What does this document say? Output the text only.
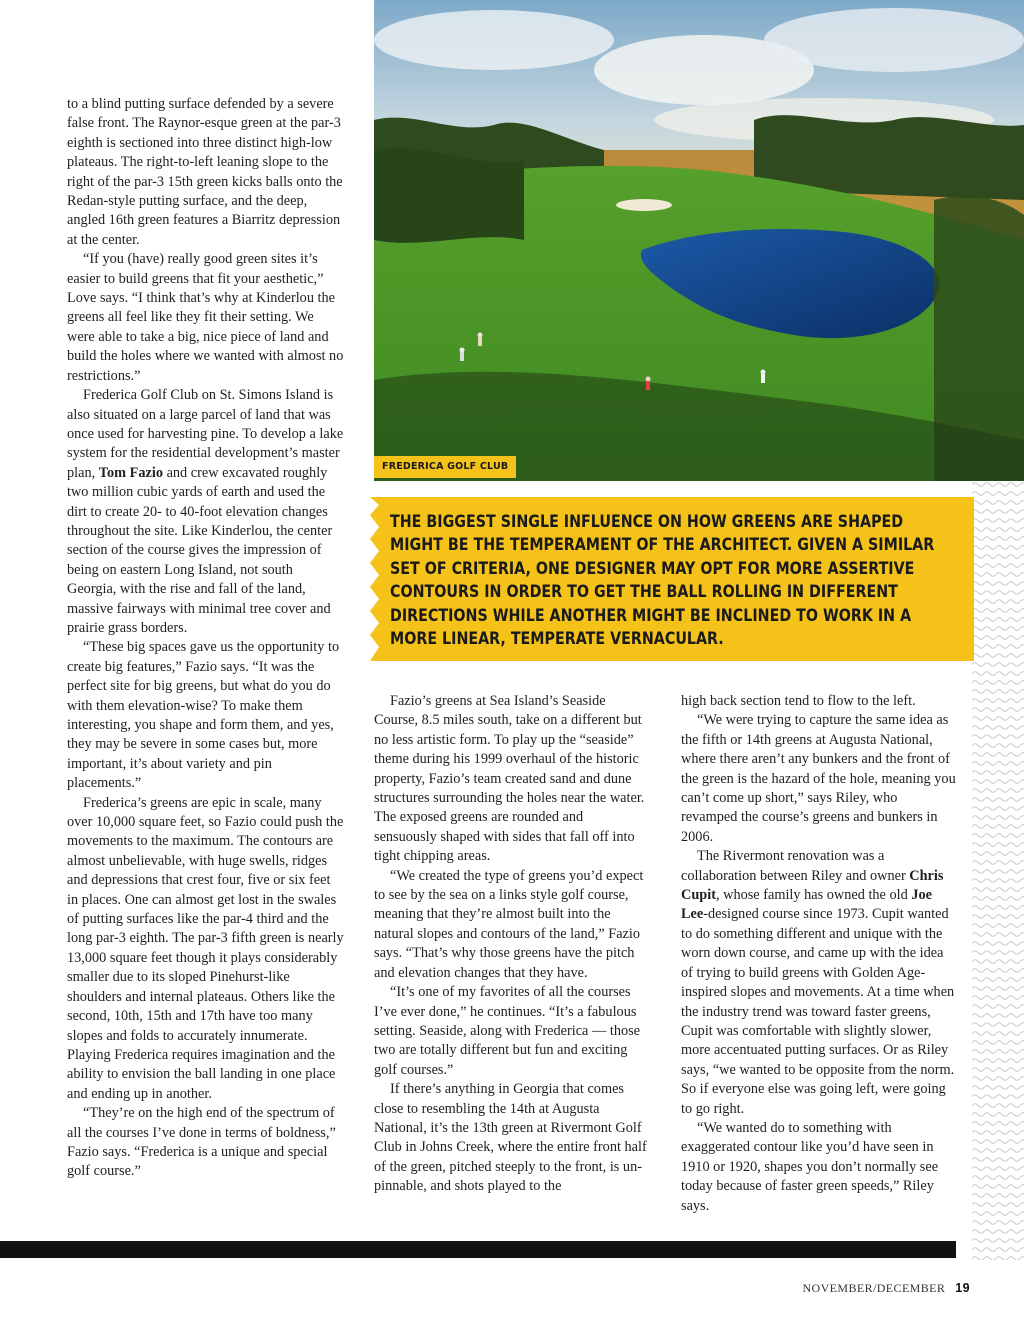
to a blind putting surface defended by a severe false front. The Raynor-esque green at the par-3 eighth is sectioned into three distinct high-low plateaus. The right-to-left leaning slope to the right of the par-3 15th green kicks balls onto the Redan-style putting surface, and the deep, angled 16th green features a Biarritz depression at the center.

“If you (have) really good green sites it’s easier to build greens that fit your aesthetic,” Love says. “I think that’s why at Kinderlou the greens all feel like they fit their setting. We were able to take a big, nice piece of land and build the holes where we wanted with almost no restrictions.”

Frederica Golf Club on St. Simons Island is also situated on a large parcel of land that was once used for harvesting pine. To develop a lake system for the residential development’s master plan, Tom Fazio and crew excavated roughly two million cubic yards of earth and used the dirt to create 20- to 40-foot elevation changes throughout the site. Like Kinderlou, the center section of the course gives the impression of being on eastern Long Island, not south Georgia, with the rise and fall of the land, massive fairways with minimal tree cover and prairie grass borders.

“These big spaces gave us the opportunity to create big features,” Fazio says. “It was the perfect site for big greens, but what do you do with them elevation-wise? To make them interesting, you shape and form them, and yes, they may be severe in some cases but, more important, it’s about variety and pin placements.”

Frederica’s greens are epic in scale, many over 10,000 square feet, so Fazio could push the movements to the maximum. The contours are almost unbelievable, with huge swells, ridges and depressions that crest four, five or six feet in places. One can almost get lost in the swales of putting surfaces like the par-4 third and the long par-3 eighth. The par-3 fifth green is nearly 13,000 square feet though it plays considerably smaller due to its sloped Pinehurst-like shoulders and internal plateaus. Others like the second, 10th, 15th and 17th have too many slopes and folds to accurately innumerate. Playing Frederica requires imagination and the ability to envision the ball landing in one place and ending up in another.

“They’re on the high end of the spectrum of all the courses I’ve done in terms of boldness,” Fazio says. “Frederica is a unique and special golf course.”

FREDERICA GOLF CLUB
THE BIGGEST SINGLE INFLUENCE ON HOW GREENS ARE SHAPED MIGHT BE THE TEMPERAMENT OF THE ARCHITECT. GIVEN A SIMILAR SET OF CRITERIA, ONE DESIGNER MAY OPT FOR MORE ASSERTIVE CONTOURS IN ORDER TO GET THE BALL ROLLING IN DIFFERENT DIRECTIONS WHILE ANOTHER MIGHT BE INCLINED TO WORK IN A MORE LINEAR, TEMPERATE VERNACULAR.

Fazio’s greens at Sea Island’s Seaside Course, 8.5 miles south, take on a different but no less artistic form. To play up the “seaside” theme during his 1999 overhaul of the historic property, Fazio’s team created sand and dune structures surrounding the holes near the water. The exposed greens are rounded and sensuously shaped with sides that fall off into tight chipping areas.

“We created the type of greens you’d expect to see by the sea on a links style golf course, meaning that they’re almost built into the natural slopes and contours of the land,” Fazio says. “That’s why those greens have the pitch and elevation changes that they have.

“It’s one of my favorites of all the courses I’ve ever done,” he continues. “It’s a fabulous setting. Seaside, along with Frederica — those two are totally different but fun and exciting golf courses.”

If there’s anything in Georgia that comes close to resembling the 14th at Augusta National, it’s the 13th green at Rivermont Golf Club in Johns Creek, where the entire front half of the green, pitched steeply to the front, is un-pinnable, and shots played to the

high back section tend to flow to the left.

“We were trying to capture the same idea as the fifth or 14th greens at Augusta National, where there aren’t any bunkers and the front of the green is the hazard of the hole, meaning you can’t come up short,” says Riley, who revamped the course’s greens and bunkers in 2006.

The Rivermont renovation was a collaboration between Riley and owner Chris Cupit, whose family has owned the old Joe Lee-designed course since 1973. Cupit wanted to do something different and unique with the worn down course, and came up with the idea of trying to build greens with Golden Age-inspired slopes and movements. At a time when the industry trend was toward faster greens, Cupit was comfortable with slightly slower, more accentuated putting surfaces. Or as Riley says, “we wanted to be opposite from the norm. So if everyone else was going left, were going to go right.

“We wanted do to something with exaggerated contour like you’d have seen in 1910 or 1920, shapes you don’t normally see today because of faster green speeds,” Riley says.

NOVEMBER/DECEMBER 19
